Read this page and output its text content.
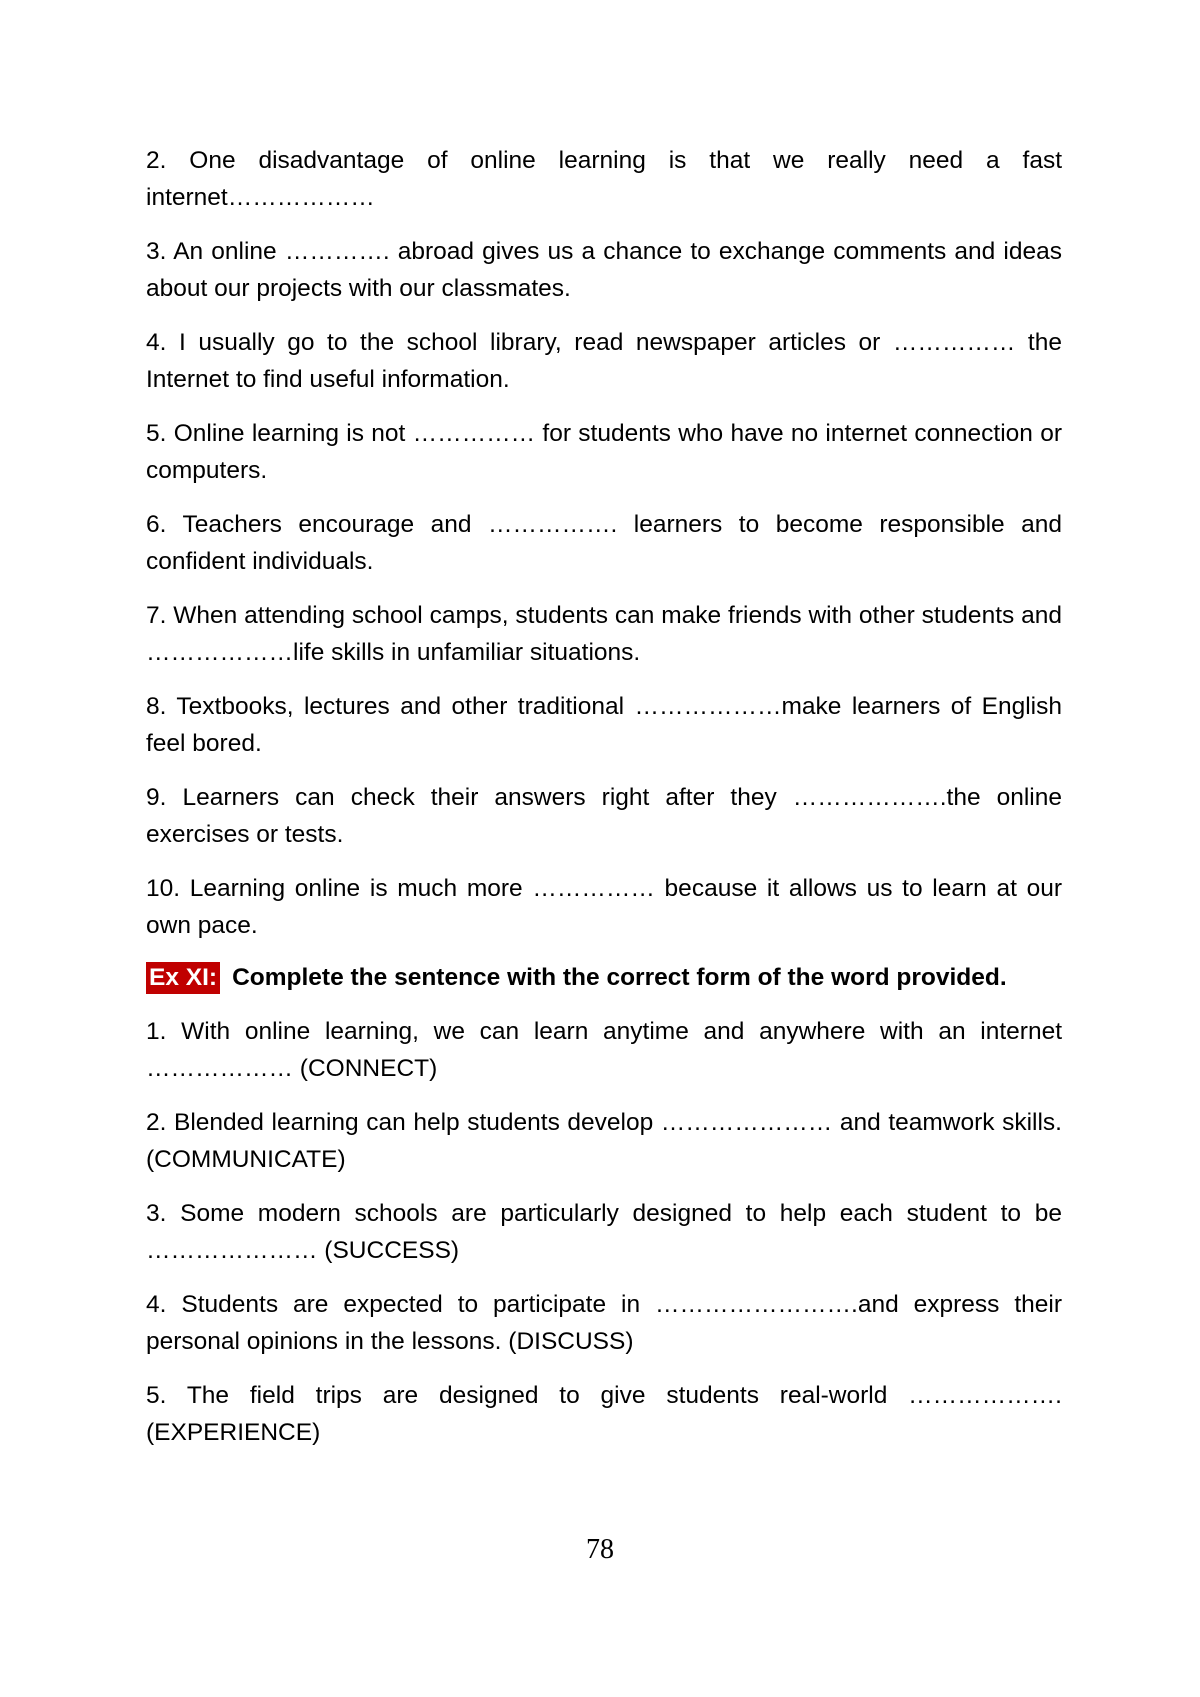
2. One disadvantage of online learning is that we really need a fast internet………………

3. An online …………. abroad gives us a chance to exchange comments and ideas about our projects with our classmates.

4. I usually go to the school library, read newspaper articles or …………… the Internet to find useful information.

5. Online learning is not …………… for students who have no internet connection or computers.

6. Teachers encourage and ……………. learners to become responsible and confident individuals.

7. When attending school camps, students can make friends with other students and ………………life skills in unfamiliar situations.

8. Textbooks, lectures and other traditional ………………make learners of English feel bored.

9. Learners can check their answers right after they ……………….the online exercises or tests.

10. Learning online is much more …………… because it allows us to learn at our own pace.

Ex XI: Complete the sentence with the correct form of the word provided.

1. With online learning, we can learn anytime and anywhere with an internet ……………… (CONNECT)

2. Blended learning can help students develop ………………… and teamwork skills. (COMMUNICATE)

3. Some modern schools are particularly designed to help each student to be ………………… (SUCCESS)

4. Students are expected to participate in …………………….and express their personal opinions in the lessons. (DISCUSS)

5. The field trips are designed to give students real-world ………………. (EXPERIENCE)

78
